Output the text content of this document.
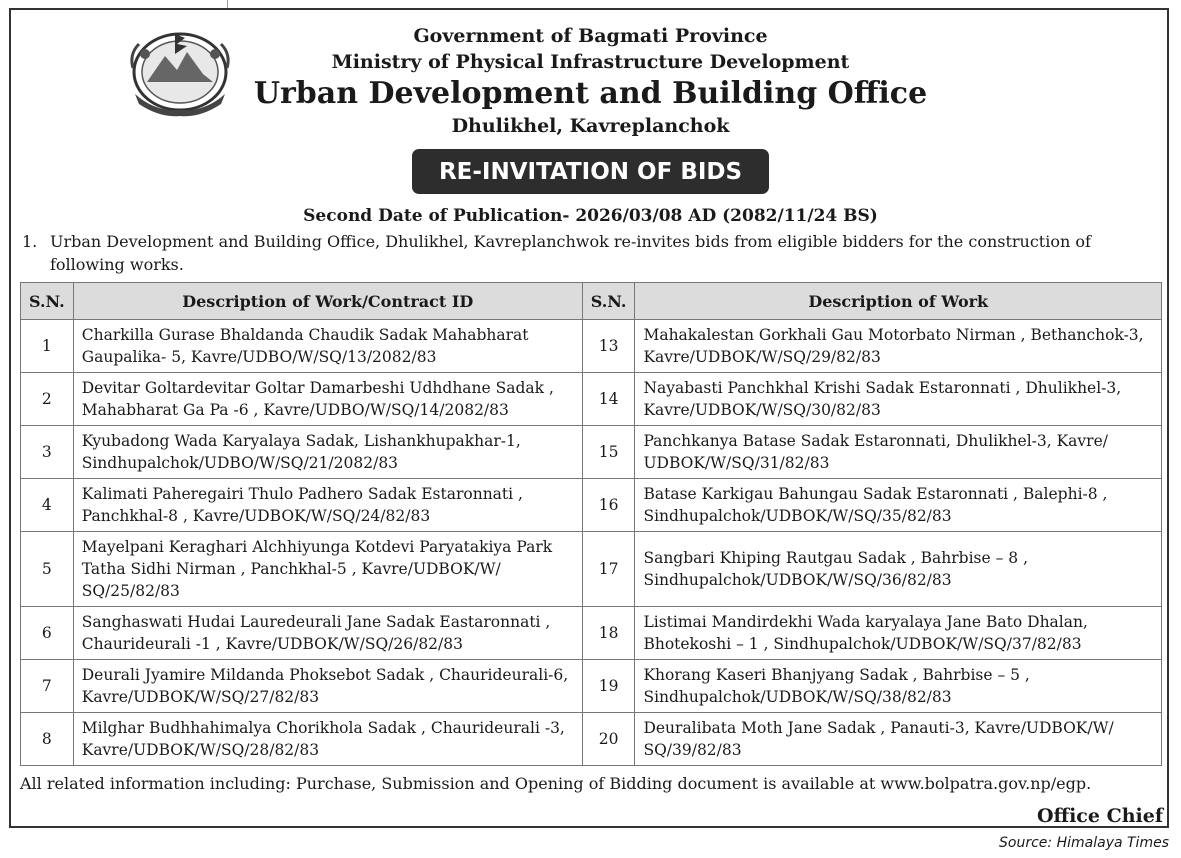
Government of Bagmati Province
Ministry of Physical Infrastructure Development
Urban Development and Building Office
Dhulikhel, Kavreplanchok
RE-INVITATION OF BIDS
Second Date of Publication- 2026/03/08 AD (2082/11/24 BS)
1. Urban Development and Building Office, Dhulikhel, Kavreplanchwok re-invites bids from eligible bidders for the construction of following works.
S.N.	Description of Work/Contract ID	S.N.	Description of Work
1	Charkilla Gurase Bhaldanda Chaudik Sadak Mahabharat Gaupalika- 5, Kavre/UDBO/W/SQ/13/2082/83	13	Mahakalestan Gorkhali Gau Motorbato Nirman , Bethanchok-3, Kavre/UDBOK/W/SQ/29/82/83
2	Devitar Goltardevitar Goltar Damarbeshi Udhdhane Sadak , Mahabharat Ga Pa -6 , Kavre/UDBO/W/SQ/14/2082/83	14	Nayabasti Panchkhal Krishi Sadak Estaronnati , Dhulikhel-3, Kavre/UDBOK/W/SQ/30/82/83
3	Kyubadong Wada Karyalaya Sadak, Lishankhupakhar-1, Sindhupalchok/UDBO/W/SQ/21/2082/83	15	Panchkanya Batase Sadak Estaronnati, Dhulikhel-3, Kavre/ UDBOK/W/SQ/31/82/83
4	Kalimati Paheregairi Thulo Padhero Sadak Estaronnati , Panchkhal-8 , Kavre/UDBOK/W/SQ/24/82/83	16	Batase Karkigau Bahungau Sadak Estaronnati , Balephi-8 , Sindhupalchok/UDBOK/W/SQ/35/82/83
5	Mayelpani Keraghari Alchhiyunga Kotdevi Paryatakiya Park Tatha Sidhi Nirman , Panchkhal-5 , Kavre/UDBOK/W/ SQ/25/82/83	17	Sangbari Khiping Rautgau Sadak , Bahrbise – 8 , Sindhupalchok/UDBOK/W/SQ/36/82/83
6	Sanghaswati Hudai Lauredeurali Jane Sadak Eastaronnati , Chaurideurali -1 , Kavre/UDBOK/W/SQ/26/82/83	18	Listimai Mandirdekhi Wada karyalaya Jane Bato Dhalan, Bhotekoshi – 1 , Sindhupalchok/UDBOK/W/SQ/37/82/83
7	Deurali Jyamire Mildanda Phoksebot Sadak , Chaurideurali-6, Kavre/UDBOK/W/SQ/27/82/83	19	Khorang Kaseri Bhanjyang Sadak , Bahrbise – 5 , Sindhupalchok/UDBOK/W/SQ/38/82/83
8	Milghar Budhhahimalya Chorikhola Sadak , Chaurideurali -3, Kavre/UDBOK/W/SQ/28/82/83	20	Deuralibata Moth Jane Sadak , Panauti-3, Kavre/UDBOK/W/ SQ/39/82/83
All related information including: Purchase, Submission and Opening of Bidding document is available at www.bolpatra.gov.np/egp.
Office Chief
Source: Himalaya Times
